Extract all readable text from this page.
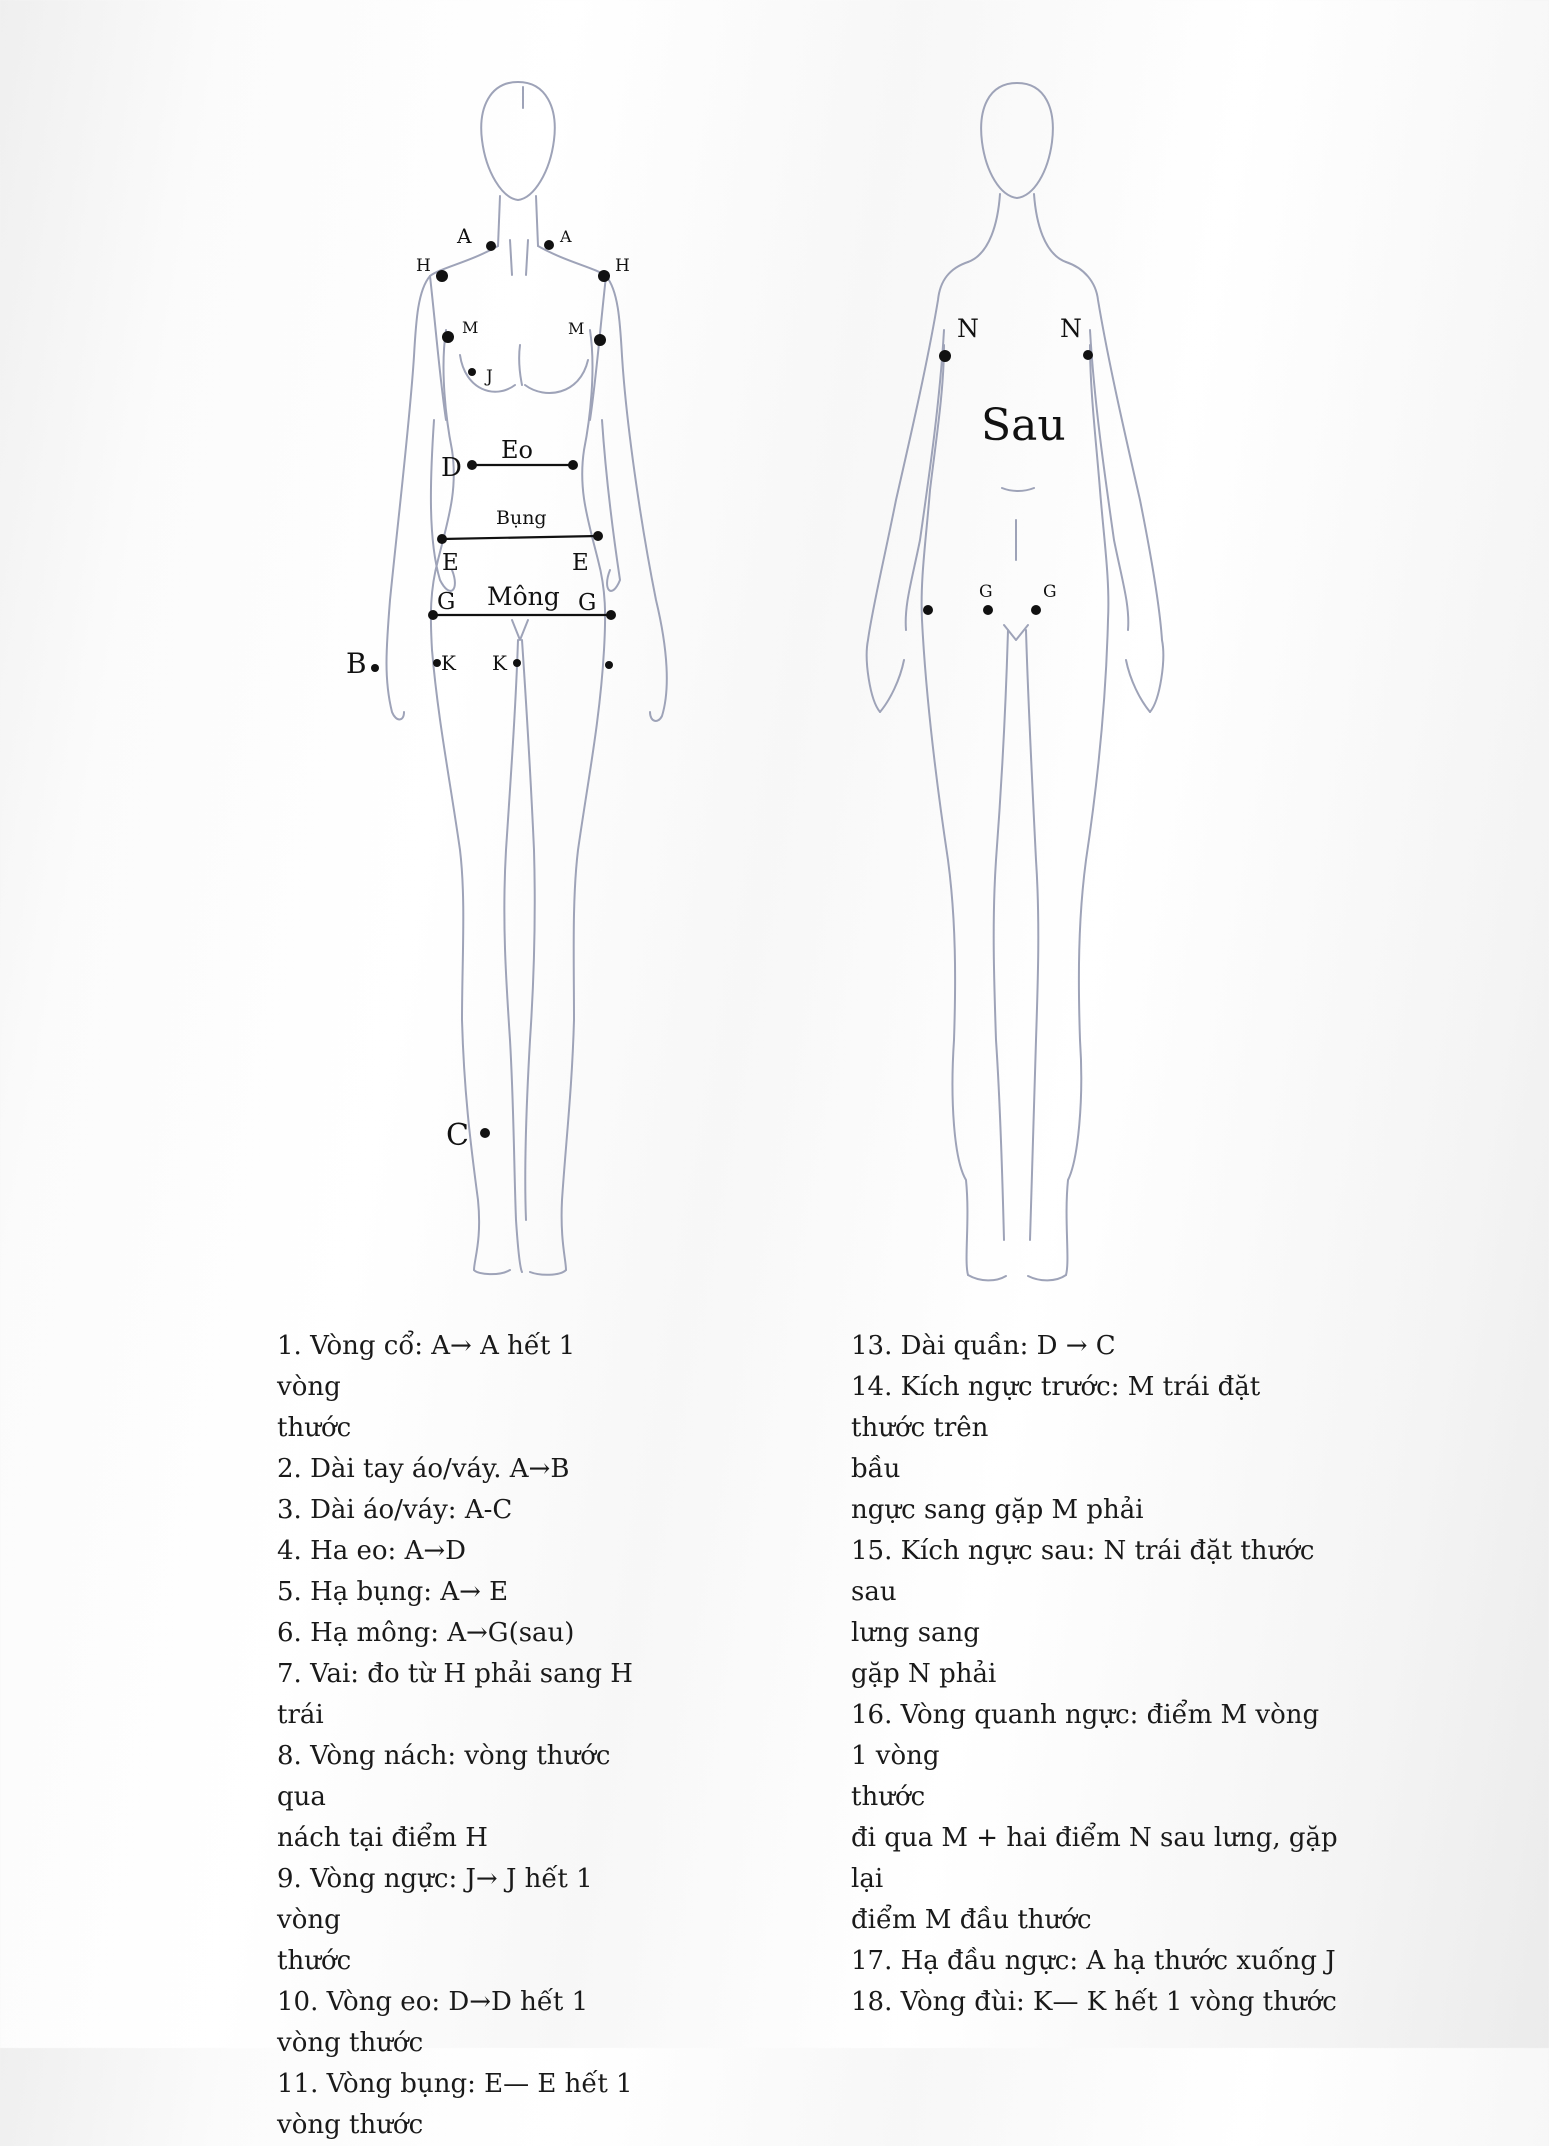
A	A
H	H
M	M
J
D
Eo
Bụng
E	E
G Mông G
B	K K
C
N	N
Sau
G	G
1. Vòng cổ: A→ A hết 1 vòng
thước
2. Dài tay áo/váy. A→B
3. Dài áo/váy: A-C
4. Ha eo: A→D
5. Hạ bụng: A→ E
6. Hạ mông: A→G(sau)
7. Vai: đo từ H phải sang H trái
8. Vòng nách: vòng thước qua
nách tại điểm H
9. Vòng ngực: J→ J hết 1 vòng
thước
10. Vòng eo: D→D hết 1
vòng thước
11. Vòng bụng: E— E hết 1
vòng thước
13. Dài quần: D → C
14. Kích ngực trước: M trái đặt thước trên
bầu
ngực sang gặp M phải
15. Kích ngực sau: N trái đặt thước sau
lưng sang
gặp N phải
16. Vòng quanh ngực: điểm M vòng 1 vòng
thước
đi qua M + hai điểm N sau lưng, gặp lại
điểm M đầu thước
17. Hạ đầu ngực: A hạ thước xuống J
18. Vòng đùi: K— K hết 1 vòng thước
